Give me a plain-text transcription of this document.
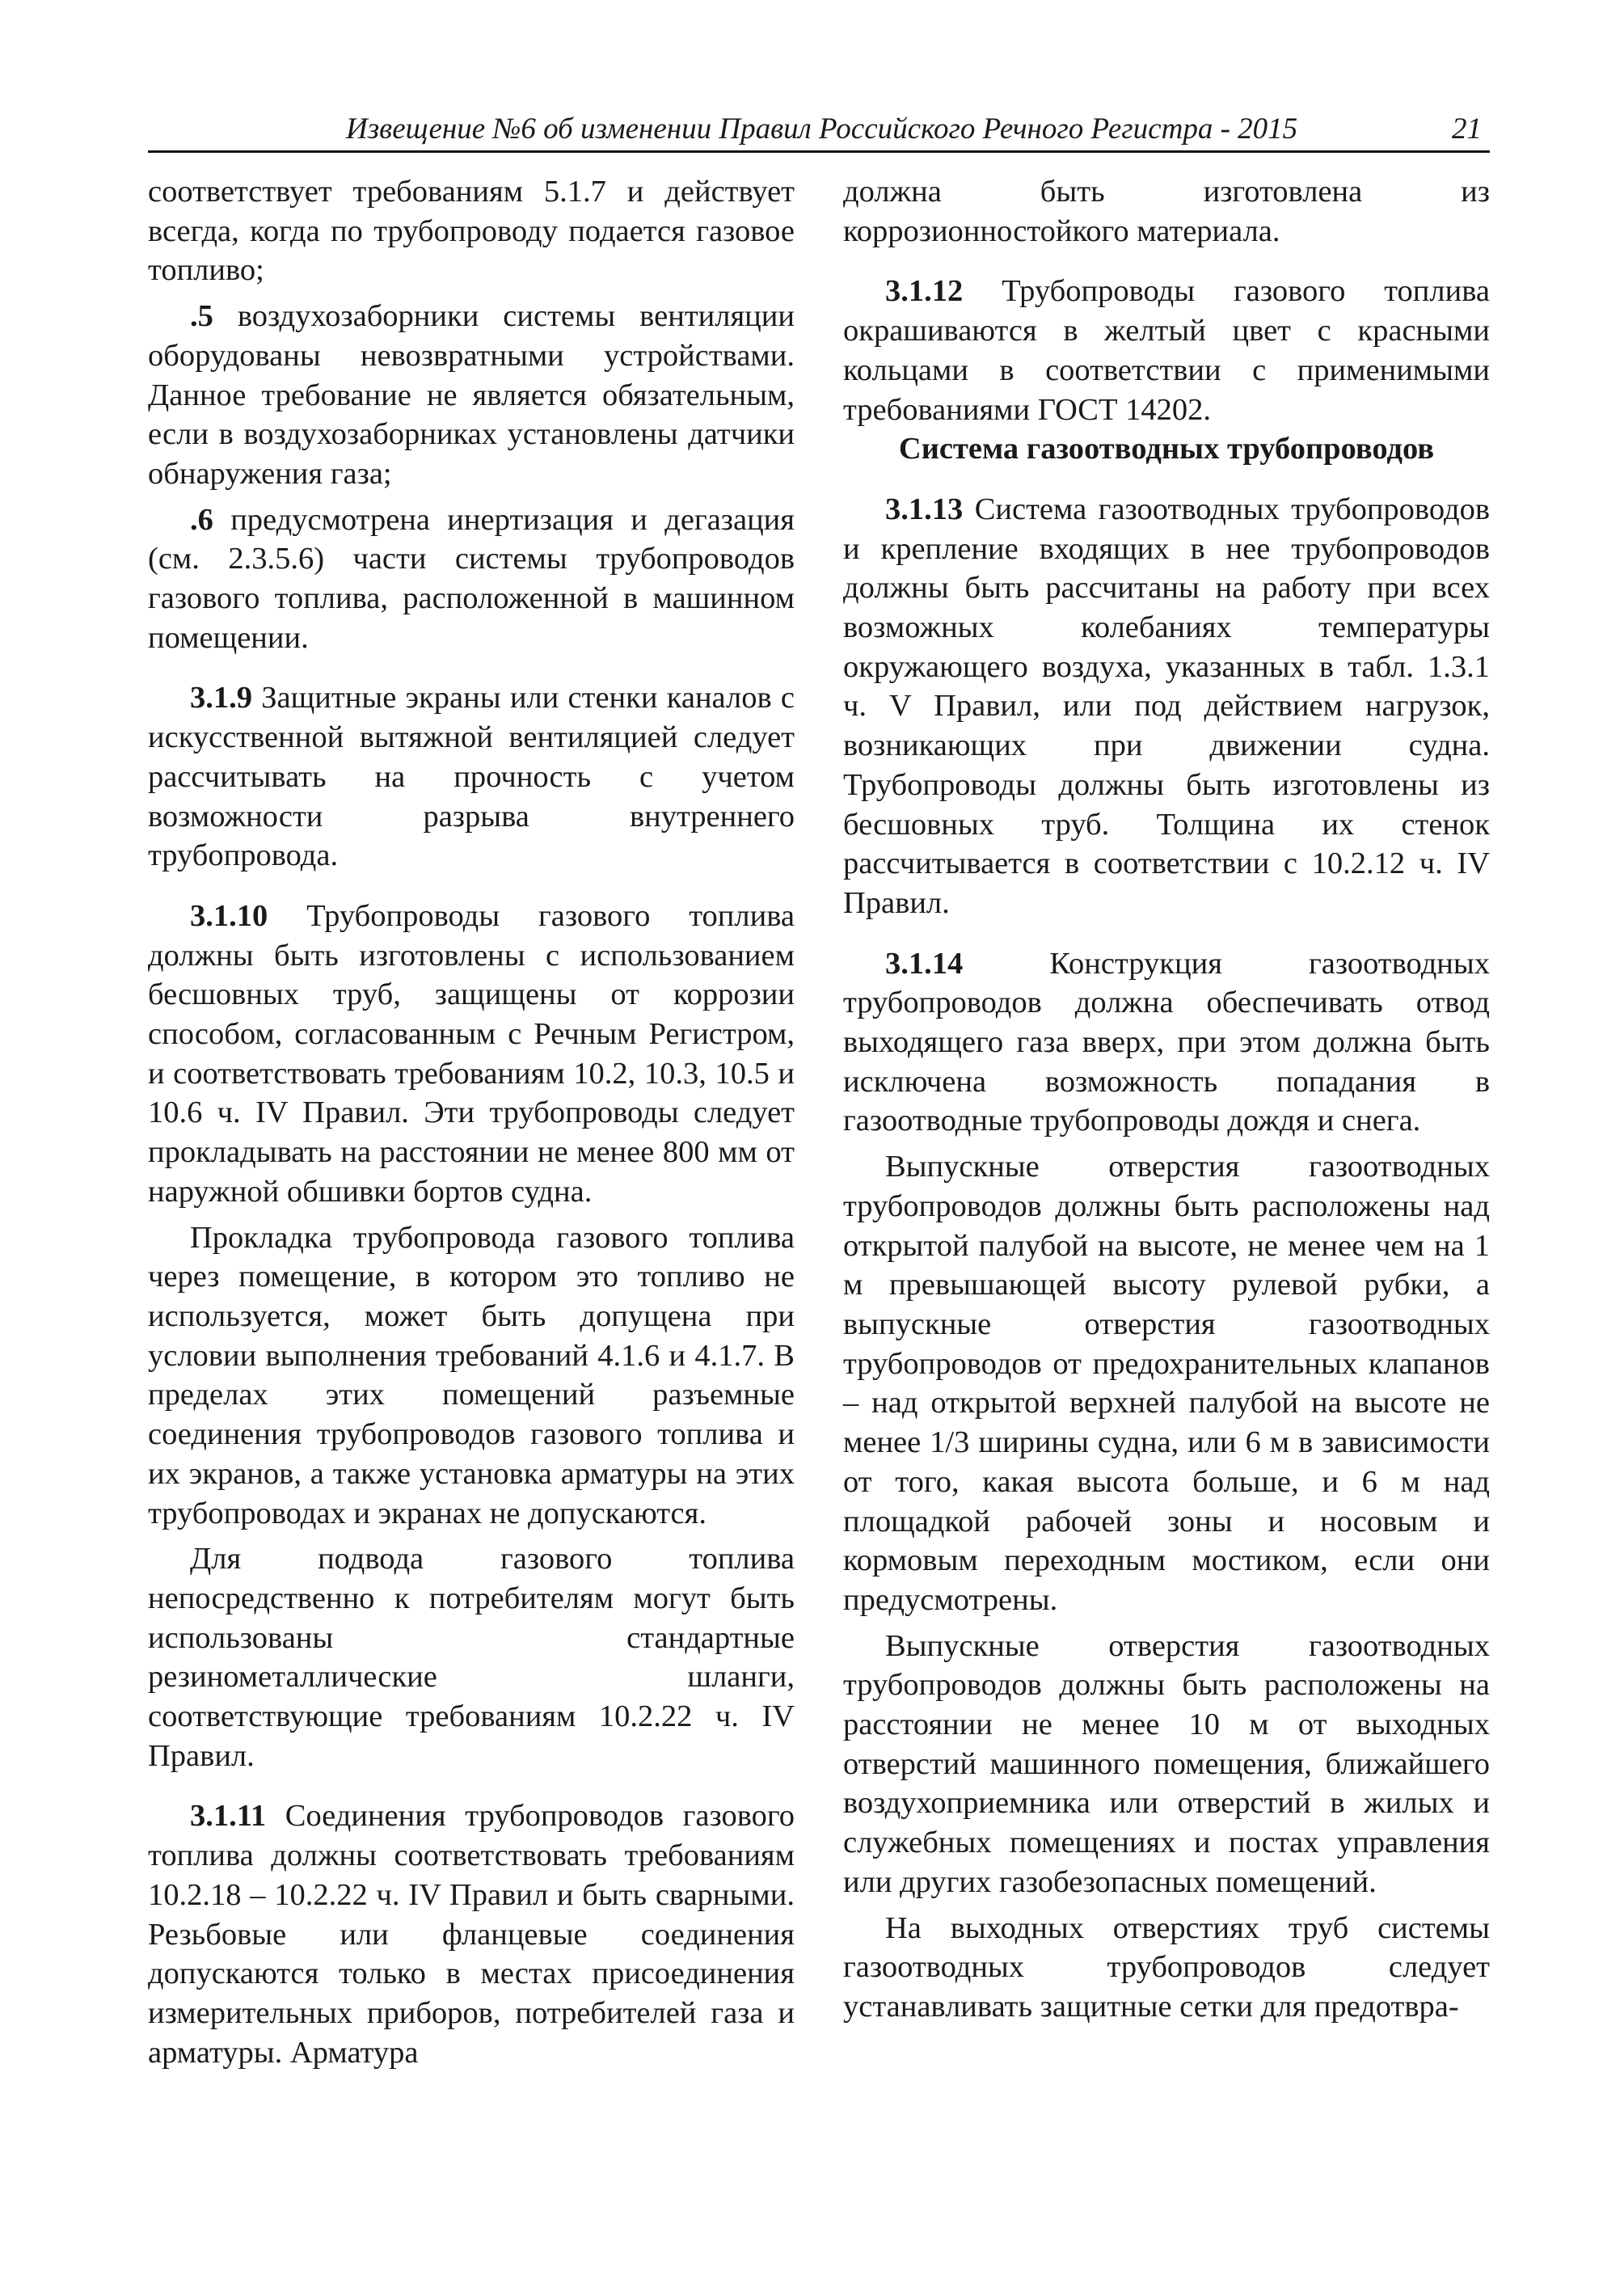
Извещение №6 об изменении Правил Российского Речного Регистра - 2015	21

соответствует требованиям 5.1.7 и действует всегда, когда по трубопроводу подается газовое топливо;

.5 воздухозаборники системы вентиляции оборудованы невозвратными устройствами. Данное требование не является обязательным, если в воздухозаборниках установлены датчики обнаружения газа;

.6 предусмотрена инертизация и дегазация (см. 2.3.5.6) части системы трубопроводов газового топлива, расположенной в машинном помещении.

3.1.9 Защитные экраны или стенки каналов с искусственной вытяжной вентиляцией следует рассчитывать на прочность с учетом возможности разрыва внутреннего трубопровода.

3.1.10 Трубопроводы газового топлива должны быть изготовлены с использованием бесшовных труб, защищены от коррозии способом, согласованным с Речным Регистром, и соответствовать требованиям 10.2, 10.3, 10.5 и 10.6 ч. IV Правил. Эти трубопроводы следует прокладывать на расстоянии не менее 800 мм от наружной обшивки бортов судна.

Прокладка трубопровода газового топлива через помещение, в котором это топливо не используется, может быть допущена при условии выполнения требований 4.1.6 и 4.1.7. В пределах этих помещений разъемные соединения трубопроводов газового топлива и их экранов, а также установка арматуры на этих трубопроводах и экранах не допускаются.

Для подвода газового топлива непосредственно к потребителям могут быть использованы стандартные резинометаллические шланги, соответствующие требованиям 10.2.22 ч. IV Правил.

3.1.11 Соединения трубопроводов газового топлива должны соответствовать требованиям 10.2.18 – 10.2.22 ч. IV Правил и быть сварными. Резьбовые или фланцевые соединения допускаются только в местах присоединения измерительных приборов, потребителей газа и арматуры. Арматура

должна быть изготовлена из коррозионностойкого материала.

3.1.12 Трубопроводы газового топлива окрашиваются в желтый цвет с красными кольцами в соответствии с применимыми требованиями ГОСТ 14202.

Система газоотводных трубопроводов

3.1.13 Система газоотводных трубопроводов и крепление входящих в нее трубопроводов должны быть рассчитаны на работу при всех возможных колебаниях температуры окружающего воздуха, указанных в табл. 1.3.1 ч. V Правил, или под действием нагрузок, возникающих при движении судна. Трубопроводы должны быть изготовлены из бесшовных труб. Толщина их стенок рассчитывается в соответствии с 10.2.12 ч. IV Правил.

3.1.14 Конструкция газоотводных трубопроводов должна обеспечивать отвод выходящего газа вверх, при этом должна быть исключена возможность попадания в газоотводные трубопроводы дождя и снега.

Выпускные отверстия газоотводных трубопроводов должны быть расположены над открытой палубой на высоте, не менее чем на 1 м превышающей высоту рулевой рубки, а выпускные отверстия газоотводных трубопроводов от предохранительных клапанов – над открытой верхней палубой на высоте не менее 1/3 ширины судна, или 6 м в зависимости от того, какая высота больше, и 6 м над площадкой рабочей зоны и носовым и кормовым переходным мостиком, если они предусмотрены.

Выпускные отверстия газоотводных трубопроводов должны быть расположены на расстоянии не менее 10 м от выходных отверстий машинного помещения, ближайшего воздухоприемника или отверстий в жилых и служебных помещениях и постах управления или других газобезопасных помещений.

На выходных отверстиях труб системы газоотводных трубопроводов следует устанавливать защитные сетки для предотвра-
